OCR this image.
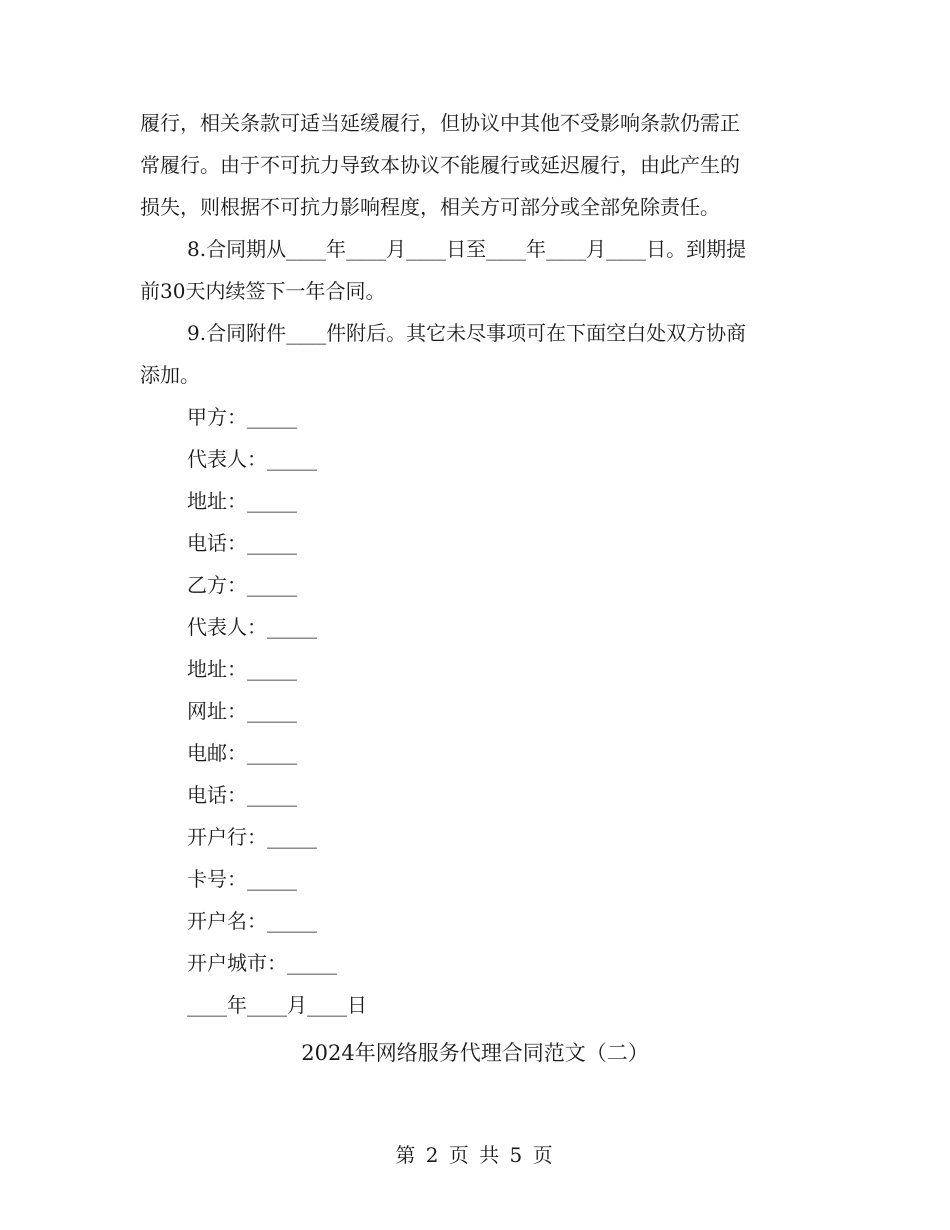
履行，相关条款可适当延缓履行，但协议中其他不受影响条款仍需正
常履行。由于不可抗力导致本协议不能履行或延迟履行，由此产生的
损失，则根据不可抗力影响程度，相关方可部分或全部免除责任。
8.合同期从____年____月____日至____年____月____日。到期提
前30天内续签下一年合同。
9.合同附件____件附后。其它未尽事项可在下面空白处双方协商
添加。
甲方：_____
代表人：_____
地址：_____
电话：_____
乙方：_____
代表人：_____
地址：_____
网址：_____
电邮：_____
电话：_____
开户行：_____
卡号：_____
开户名：_____
开户城市：_____
____年____月____日
2024年网络服务代理合同范文（二）
第 2 页 共 5 页
